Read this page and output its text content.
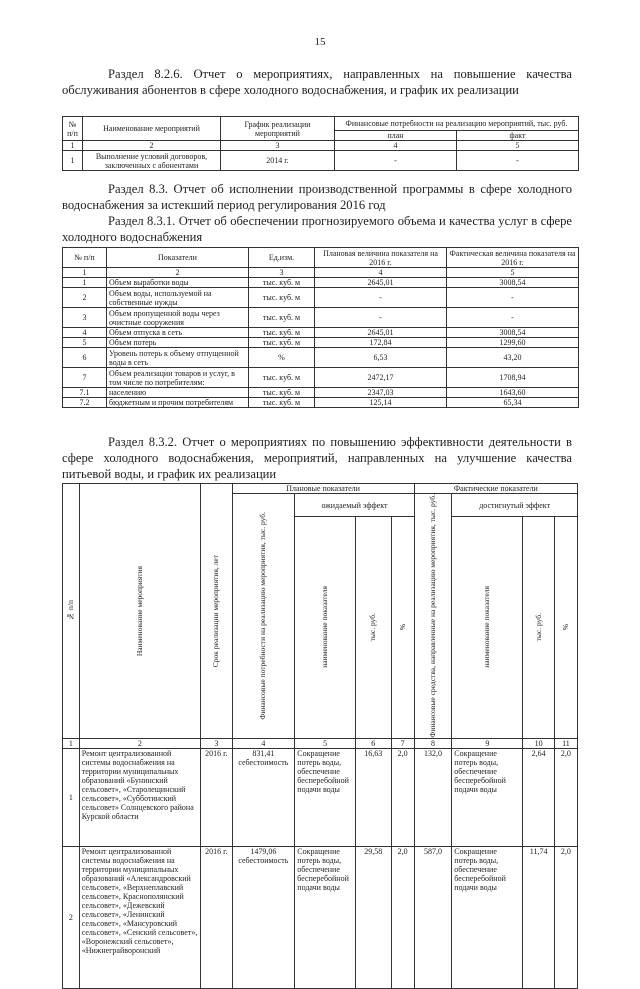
15
Раздел 8.2.6. Отчет о мероприятиях, направленных на повышение качества обслуживания абонентов в сфере холодного водоснабжения, и график их реализации
№ п/п	Наименование мероприятий	График реализации мероприятий	Финансовые потребности на реализацию мероприятий, тыс. руб.	
			план	факт
1	2	3	4	5
1	Выполнение условий договоров, заключенных с абонентами	2014 г.	-	-
Раздел 8.3. Отчет об исполнении производственной программы в сфере холодного водоснабжения за истекший период регулирования 2016 год
Раздел 8.3.1. Отчет об обеспечении прогнозируемого объема и качества услуг в сфере холодного водоснабжения
№ п/п	Показатели	Ед.изм.	Плановая величина показателя на 2016 г.	Фактическая величина показателя на 2016 г.
1	2	3	4	5
1	Объем выработки воды	тыс. куб. м	2645,01	3008,54
2	Объем воды, используемой на собственные нужды	тыс. куб. м	-	-
3	Объем пропущенной воды через очистные сооружения	тыс. куб. м	-	-
4	Объем отпуска в сеть	тыс. куб. м	2645,01	3008,54
5	Объем потерь	тыс. куб. м	172,84	1299,60
6	Уровень потерь к объему отпущенной воды в сеть	%	6,53	43,20
7	Объем реализации товаров и услуг, в том числе по потребителям:	тыс. куб. м	2472,17	1708,94
7.1	населению	тыс. куб. м	2347,03	1643,60
7.2	бюджетным и прочим потребителям	тыс. куб. м	125,14	65,34
Раздел 8.3.2. Отчет о мероприятиях по повышению эффективности деятельности в сфере холодного водоснабжения, мероприятий, направленных на улучшение качества питьевой воды, и график их реализации
№ п/п	Наименование мероприятия	Срок реализации мероприятия, лет	Плановые показатели				Фактические показатели			

			Финансовые потребности на реализацию мероприятия, тыс. руб.	ожидаемый эффект			Финансовые средства, направленные на реализацию мероприятия, тыс. руб.	достигнутый эффект		

				наименование показателя	тыс. руб.	%		наименование показателя	тыс. руб.	%

1	2	3	4	5	6	7	8	9	10	11
1	Ремонт централизованной системы водоснабжения на территории муниципальных образований «Бунинский сельсовет», «Старолещинский сельсовет», «Субботинский сельсовет» Солнцевского района Курской области	2016 г.	831,41 себестоимость	Сокращение потерь воды, обеспечение бесперебойной подачи воды	16,63	2,0	132,0	Сокращение потерь воды, обеспечение бесперебойной подачи воды	2,64	2,0
2	Ремонт централизованной системы водоснабжения на территории муниципальных образований «Александровский сельсовет», «Верхнеплавский сельсовет», Краснополянский сельсовет», «Дежевский сельсовет», «Ленинский сельсовет», «Мансуровский сельсовет», «Сенский сельсовет», «Воронежский сельсовет», «Нижнеграйворонский	2016 г.	1479,06 себестоимость	Сокращение потерь воды, обеспечение бесперебойной подачи воды	29,58	2,0	587,0	Сокращение потерь воды, обеспечение бесперебойной подачи воды	11,74	2,0
